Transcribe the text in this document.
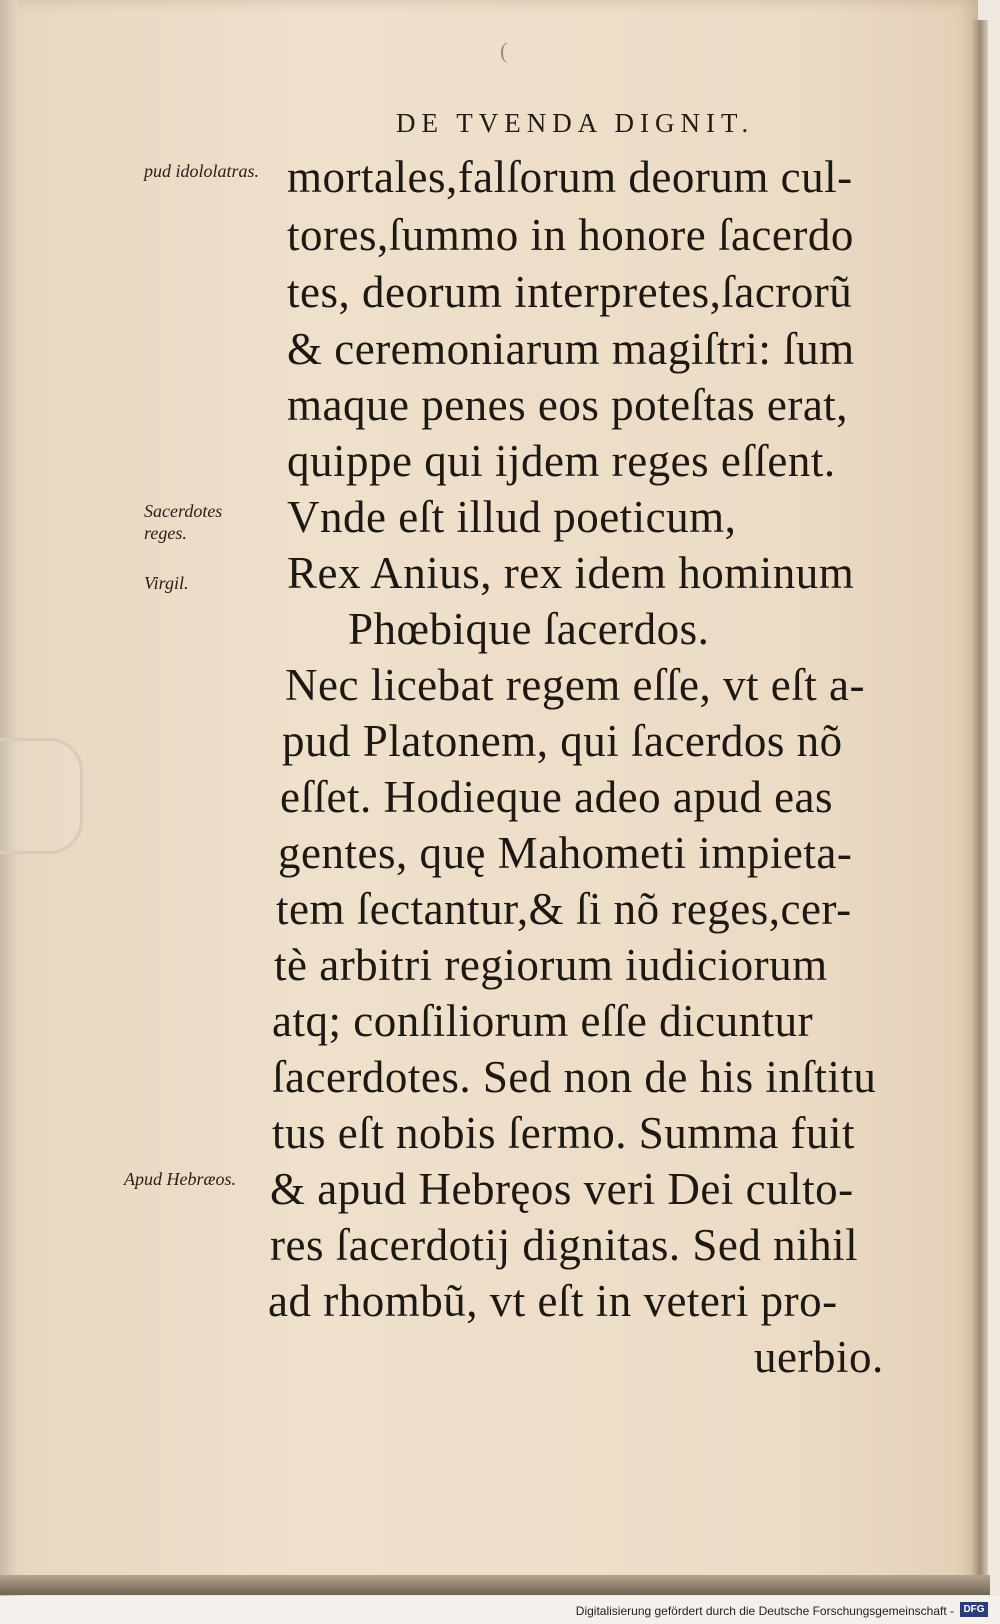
(
DE TVENDA DIGNIT.
pud idololatras.
Sacerdotes reges.
Virgil.
Apud Hebræos.
mortales,falſorum deorum cul-
tores,ſummo in honore ſacerdo
tes, deorum interpretes,ſacrorũ
& ceremoniarum magiſtri: ſum
maque penes eos poteſtas erat,
quippe qui ijdem reges eſſent.
Vnde eſt illud poeticum,
Rex Anius, rex idem hominum
Phœbique ſacerdos.
Nec licebat regem eſſe, vt eſt a-
pud Platonem, qui ſacerdos nõ
eſſet. Hodieque adeo apud eas
gentes, quę Mahometi impieta-
tem ſectantur,& ſi nõ reges,cer-
tè arbitri regiorum iudiciorum
atq; conſiliorum eſſe dicuntur
ſacerdotes. Sed non de his inſtitu
tus eſt nobis ſermo. Summa fuit
& apud Hebręos veri Dei culto-
res ſacerdotij dignitas. Sed nihil
ad rhombũ, vt eſt in veteri pro-
uerbio.
Digitalisierung gefördert durch die Deutsche Forschungsgemeinschaft - DFG
